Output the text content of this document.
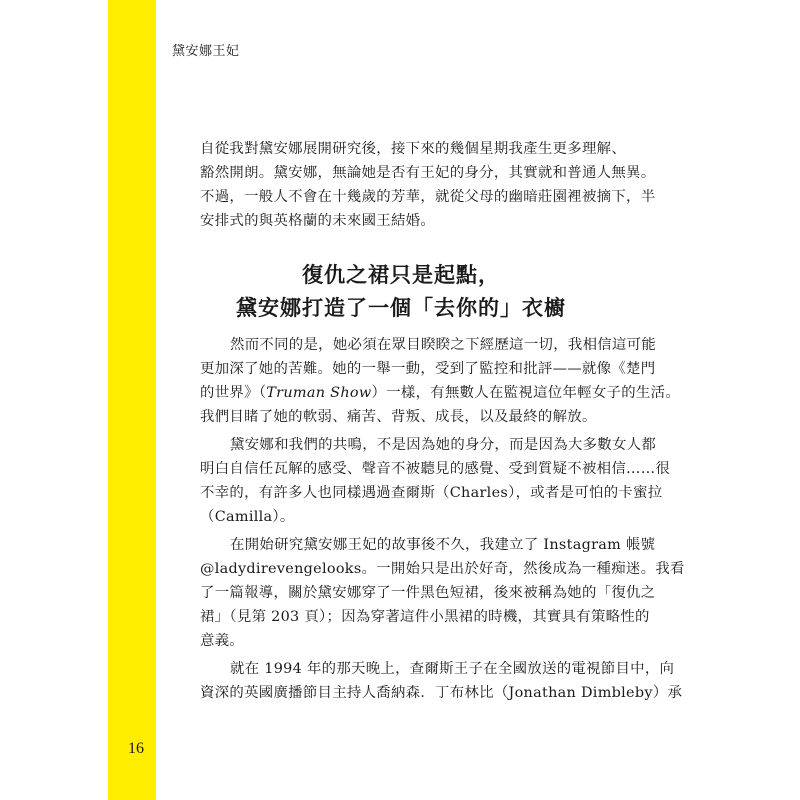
黛安娜王妃
自從我對黛安娜展開研究後，接下來的幾個星期我產生更多理解、
豁然開朗。黛安娜，無論她是否有王妃的身分，其實就和普通人無異。
不過，一般人不會在十幾歲的芳華，就從父母的幽暗莊園裡被摘下，半
安排式的與英格蘭的未來國王結婚。
復仇之裙只是起點，
黛安娜打造了一個「去你的」衣櫥
然而不同的是，她必須在眾目睽睽之下經歷這一切，我相信這可能
更加深了她的苦難。她的一舉一動，受到了監控和批評——就像《楚門
的世界》（Truman Show）一樣，有無數人在監視這位年輕女子的生活。
我們目睹了她的軟弱、痛苦、背叛、成長，以及最終的解放。
黛安娜和我們的共鳴，不是因為她的身分，而是因為大多數女人都
明白自信任瓦解的感受、聲音不被聽見的感覺、受到質疑不被相信……很
不幸的，有許多人也同樣遇過查爾斯（Charles），或者是可怕的卡蜜拉
（Camilla）。
在開始研究黛安娜王妃的故事後不久，我建立了 Instagram 帳號
@ladydirevengelooks。一開始只是出於好奇，然後成為一種痴迷。我看
了一篇報導，關於黛安娜穿了一件黑色短裙，後來被稱為她的「復仇之
裙」（見第 203 頁）；因為穿著這件小黑裙的時機，其實具有策略性的
意義。
就在 1994 年的那天晚上，查爾斯王子在全國放送的電視節目中，向
資深的英國廣播節目主持人喬納森．丁布林比（Jonathan Dimbleby）承
16
